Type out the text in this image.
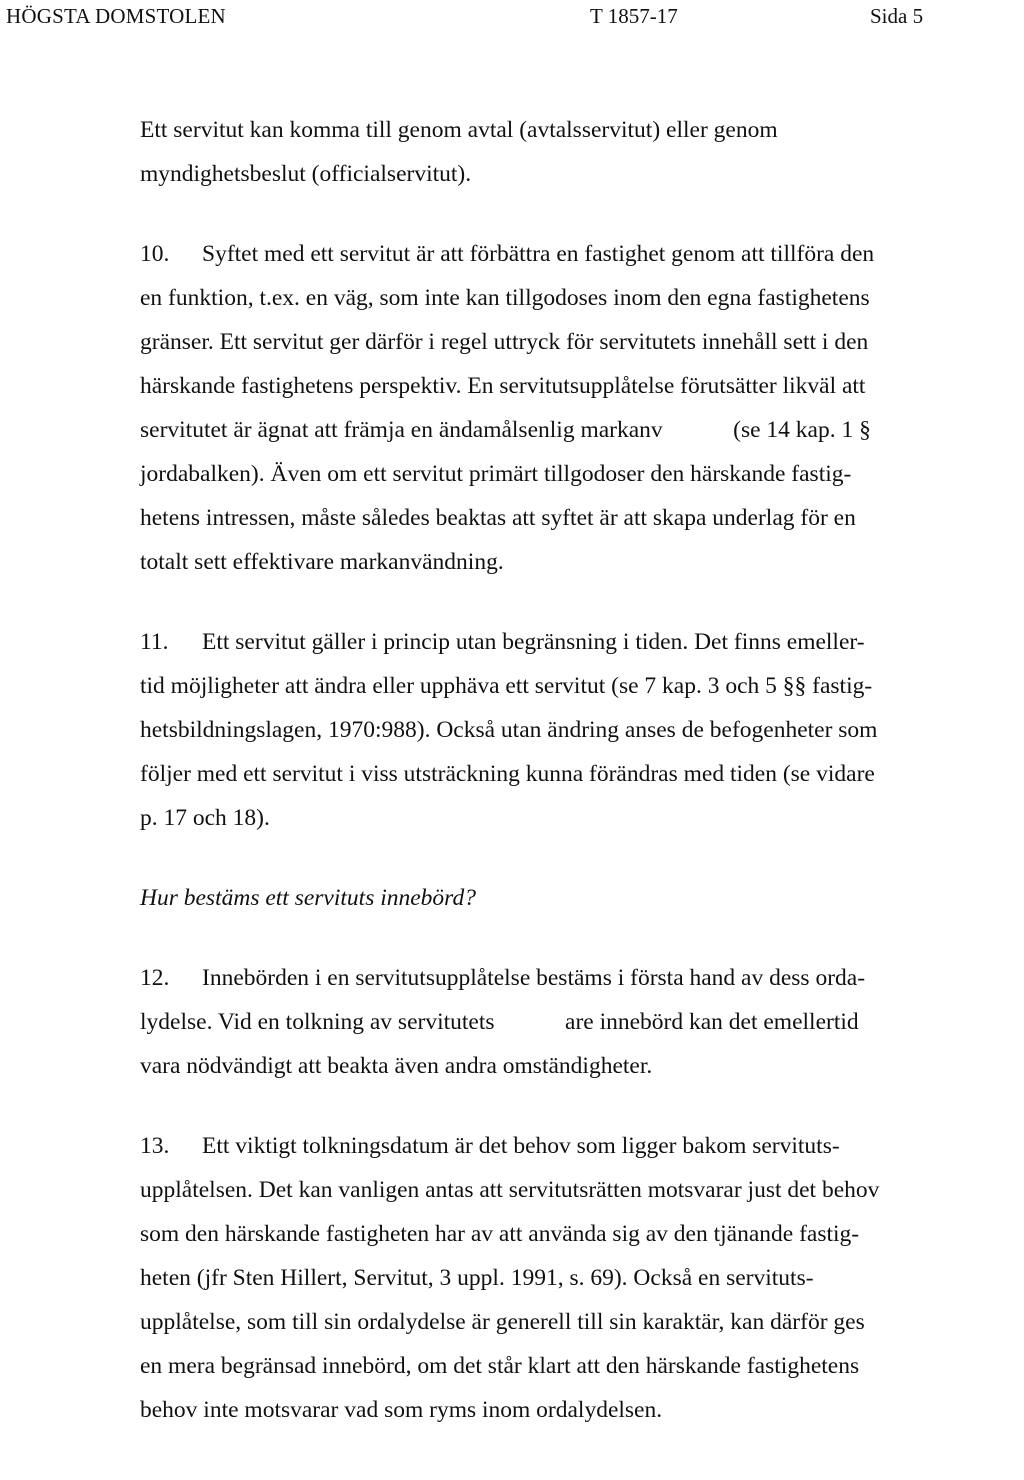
HÖGSTA DOMSTOLEN	T 1857-17	Sida 5
Ett servitut kan komma till genom avtal (avtalsservitut) eller genom
myndighetsbeslut (officialservitut).
10. Syftet med ett servitut är att förbättra en fastighet genom att tillföra den
en funktion, t.ex. en väg, som inte kan tillgodoses inom den egna fastighetens
gränser. Ett servitut ger därför i regel uttryck för servitutets innehåll sett i den
härskande fastighetens perspektiv. En servitutsupplåtelse förutsätter likväl att
servitutet är ägnat att främja en ändamålsenlig markanv            (se 14 kap. 1 §
jordabalken). Även om ett servitut primärt tillgodoser den härskande fastig-
hetens intressen, måste således beaktas att syftet är att skapa underlag för en
totalt sett effektivare markanvändning.
11. Ett servitut gäller i princip utan begränsning i tiden. Det finns emeller-
tid möjligheter att ändra eller upphäva ett servitut (se 7 kap. 3 och 5 §§ fastig-
hetsbildningslagen, 1970:988). Också utan ändring anses de befogenheter som
följer med ett servitut i viss utsträckning kunna förändras med tiden (se vidare
p. 17 och 18).
Hur bestäms ett servituts innebörd?
12. Innebörden i en servitutsupplåtelse bestäms i första hand av dess orda-
lydelse. Vid en tolkning av servitutets            are innebörd kan det emellertid
vara nödvändigt att beakta även andra omständigheter.
13. Ett viktigt tolkningsdatum är det behov som ligger bakom servituts-
upplåtelsen. Det kan vanligen antas att servitutsrätten motsvarar just det behov
som den härskande fastigheten har av att använda sig av den tjänande fastig-
heten (jfr Sten Hillert, Servitut, 3 uppl. 1991, s. 69). Också en servituts-
upplåtelse, som till sin ordalydelse är generell till sin karaktär, kan därför ges
en mera begränsad innebörd, om det står klart att den härskande fastighetens
behov inte motsvarar vad som ryms inom ordalydelsen.
